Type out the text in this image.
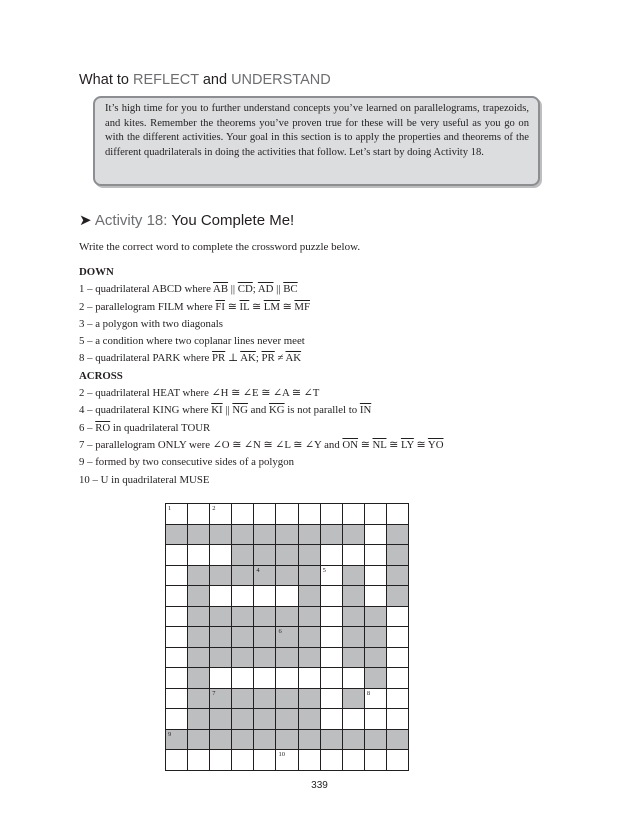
What to REFLECT and UNDERSTAND
It’s high time for you to further understand concepts you’ve learned on parallelograms, trapezoids, and kites. Remember the theorems you’ve proven true for these will be very useful as you go on with the different activities. Your goal in this section is to apply the properties and theorems of the different quadrilaterals in doing the activities that follow. Let’s start by doing Activity 18.
➤ Activity 18: You Complete Me!
Write the correct word to complete the crossword puzzle below.
DOWN
1 – quadrilateral ABCD where $\overline{AB}$ || $\overline{CD}$; $\overline{AD}$ || $\overline{BC}$
2 – parallelogram FILM where $\overline{FI}$ ≅ $\overline{IL}$ ≅ $\overline{LM}$ ≅ $\overline{MF}$
3 – a polygon with two diagonals
5 – a condition where two coplanar lines never meet
8 – quadrilateral PARK where $\overline{PR}$ ⊥ $\overline{AK}$; $\overline{PR} \ne \overline{AK}$
ACROSS
2 – quadrilateral HEAT where ∠H ≅ ∠E ≅ ∠A ≅ ∠T
4 – quadrilateral KING where $\overline{KI}$ || $\overline{NG}$ and $\overline{KG}$ is not parallel to $\overline{IN}$
$6 - \overline{RO}$ in quadrilateral TOUR
7 – parallelogram ONLY were ∠O ≅ ∠N ≅ ∠L ≅ ∠Y and $\overline{ON}$ ≅ $\overline{NL}$ ≅ $\overline{LY}$ ≅ $\overline{YO}$
9 – formed by two consecutive sides of a polygon
10 – U in quadrilateral MUSE
1		2								

				4			5			

					6					

		7							8	

9										

					10					

339
